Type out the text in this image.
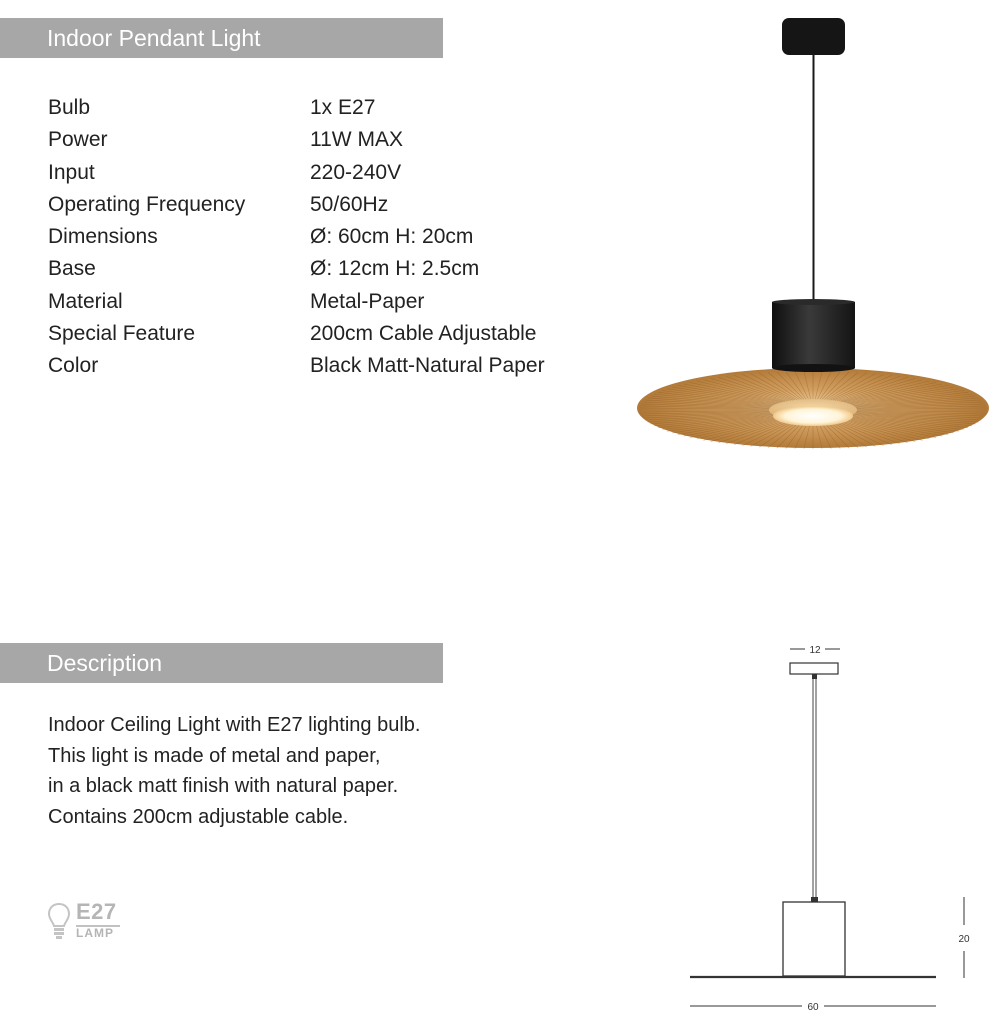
Indoor Pendant Light
Bulb	1x E27
Power	11W MAX
Input	220-240V
Operating Frequency	50/60Hz
Dimensions	Ø: 60cm H: 20cm
Base	Ø: 12cm H: 2.5cm
Material	Metal-Paper
Special Feature	200cm Cable Adjustable
Color	Black Matt-Natural Paper
Description
Indoor Ceiling Light with E27 lighting bulb.
This light is made of metal and paper,
in a black matt finish with natural paper.
Contains 200cm adjustable cable.
E27
LAMP
12
20
60
